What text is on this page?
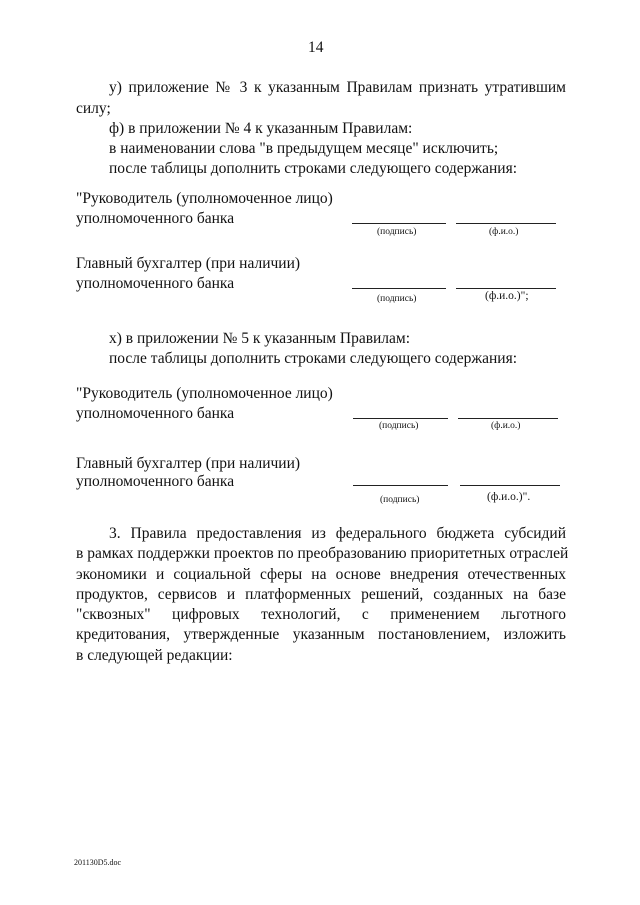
14
у) приложение № 3 к указанным Правилам признать утратившим
силу;
ф) в приложении № 4 к указанным Правилам:
в наименовании слова "в предыдущем месяце" исключить;
после таблицы дополнить строками следующего содержания:
"Руководитель (уполномоченное лицо)
уполномоченного банка
(подпись)	(ф.и.о.)
Главный бухгалтер (при наличии)
уполномоченного банка
(подпись)	(ф.и.о.)";
х) в приложении № 5 к указанным Правилам:
после таблицы дополнить строками следующего содержания:
"Руководитель (уполномоченное лицо)
уполномоченного банка
(подпись)	(ф.и.о.)
Главный бухгалтер (при наличии)
уполномоченного банка
(подпись)	(ф.и.о.)".
3. Правила предоставления из федерального бюджета субсидий
в рамках поддержки проектов по преобразованию приоритетных отраслей
экономики и социальной сферы на основе внедрения отечественных
продуктов, сервисов и платформенных решений, созданных на базе
"сквозных" цифровых технологий, с применением льготного
кредитования, утвержденные указанным постановлением, изложить
в следующей редакции:
201130D5.doc
